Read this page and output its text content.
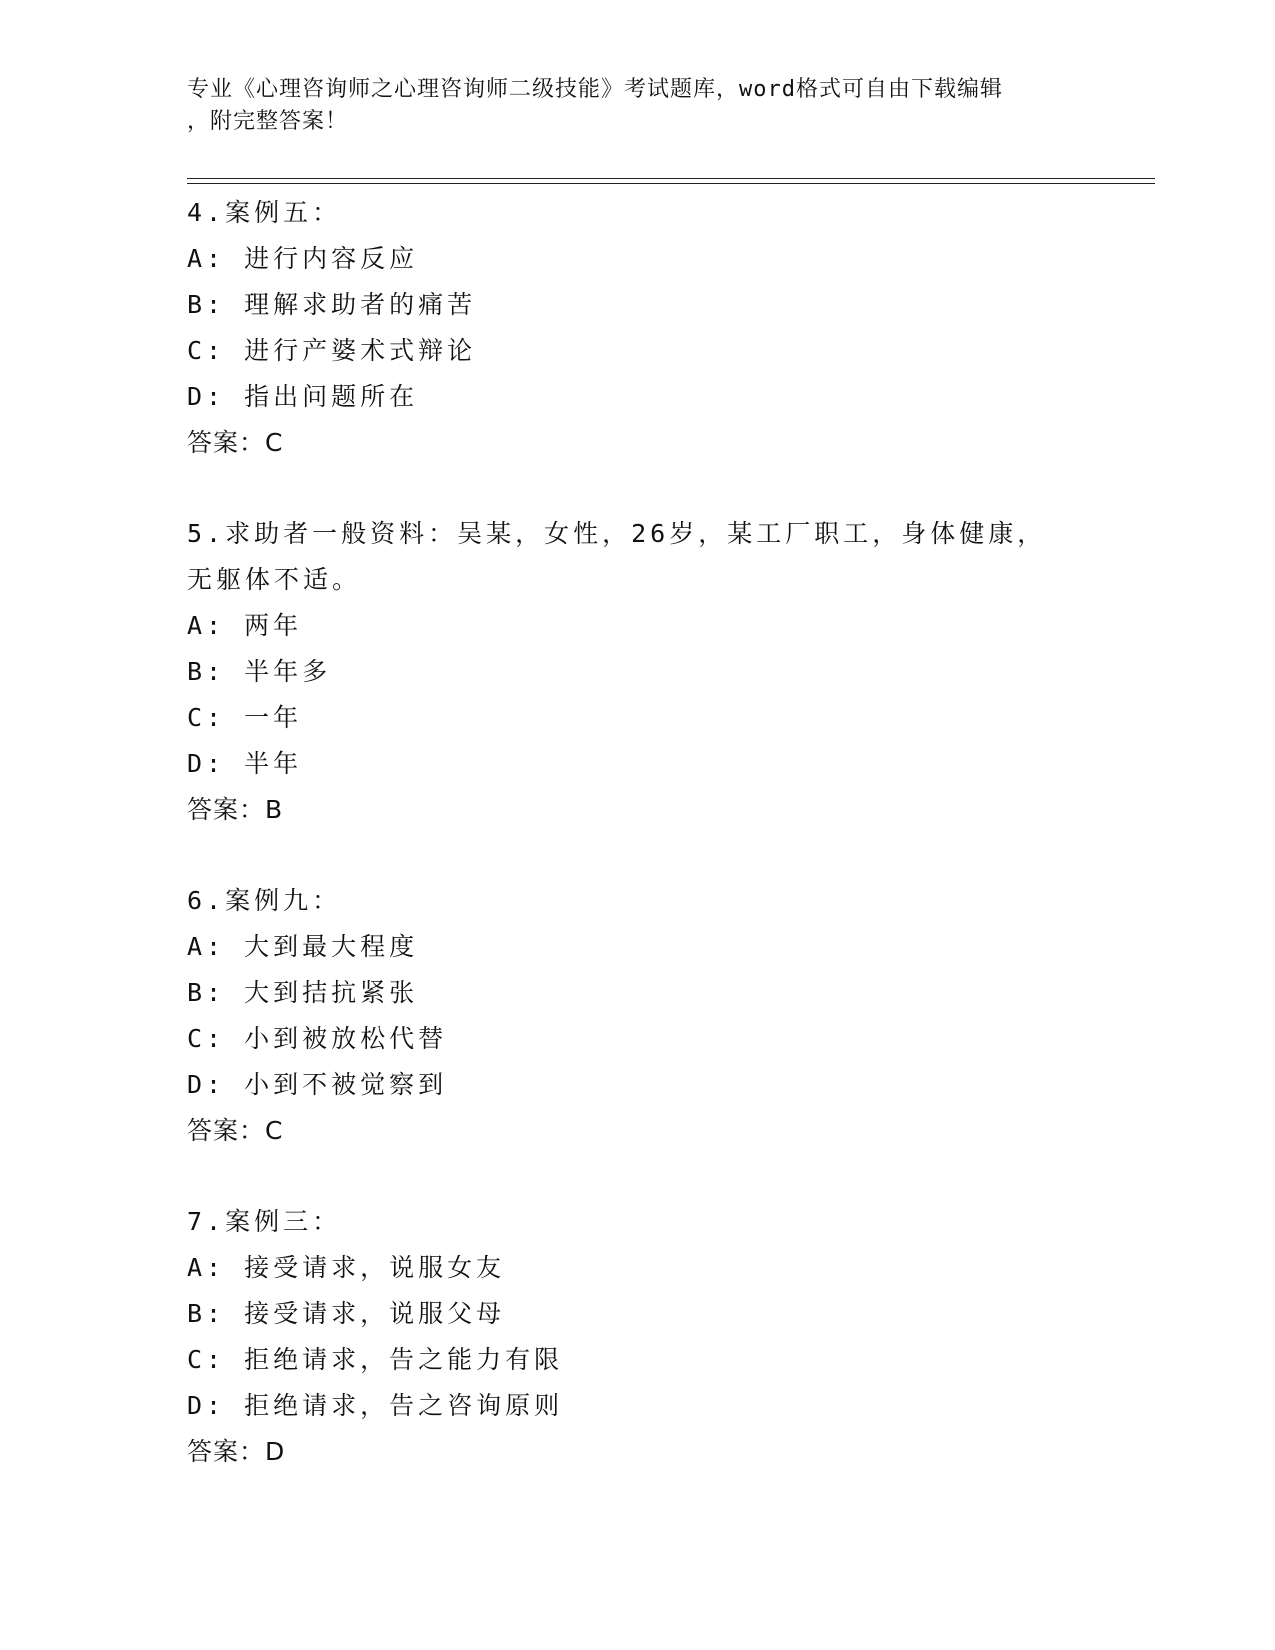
专业《心理咨询师之心理咨询师二级技能》考试题库，word格式可自由下载编辑
，附完整答案！
4.案例五：
A: 进行内容反应
B: 理解求助者的痛苦
C: 进行产婆术式辩论
D: 指出问题所在
答案：C
5.求助者一般资料：吴某，女性，26岁，某工厂职工，身体健康，无躯体不适。
A: 两年
B: 半年多
C: 一年
D: 半年
答案：B
6.案例九：
A: 大到最大程度
B: 大到拮抗紧张
C: 小到被放松代替
D: 小到不被觉察到
答案：C
7.案例三：
A: 接受请求，说服女友
B: 接受请求，说服父母
C: 拒绝请求，告之能力有限
D: 拒绝请求，告之咨询原则
答案：D
